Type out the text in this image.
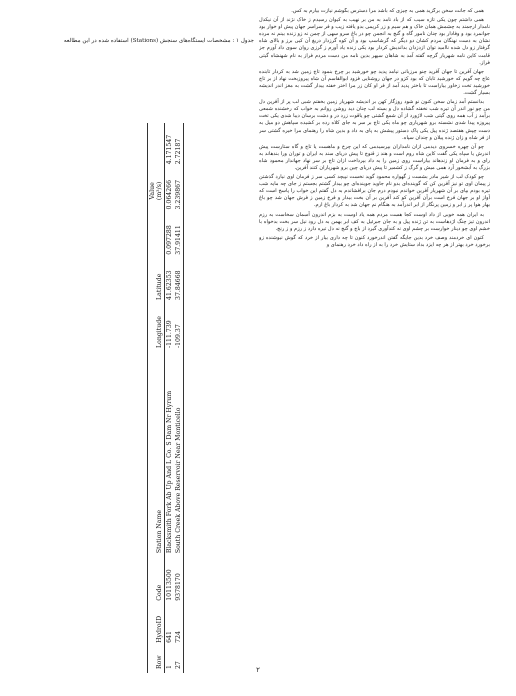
همی که جانت سخن برگزید همی به چیزی که باشد مرا دسترس بگوشم نیازت بیارم به کس.

همی داشتم چون یکی تازه سیب که از باد نامد به من بر نهیب به کیوان رسیدم ز خاک نژند از آن نیکدل نامدار ارجمند به چشمش همان خاک و هم سیم و زر کریمی بدو یافته زیب و فر سراسر جهان پیش او خوار بود جوانمرد بود و وفادار بود چنان نامور گاه و گنج به انجمن چو در باغ سرو سهی از چمن نه زو زنده بینم نه مرده نشان به دست نهنگان مردم کشان دو دیگر که گرشاسپ بود و آن کوه گرزدار دریغ آن کیی برز و بالای شاه گرفتار زو دل شده ناامید توان ازدزدان بداندیش کردار بود یکی زنده یاد آورم ز گرزی روان سوی داد آورم جز قامت کاین نامه شهریار گرچه گفته آمد به شاهان سپهر بدین نامه من دست مردم فراز به نام شهنشاه گیتی فراز.

جهان آفرین تا جهان آفرید چنو مرزبانی نیامد پدید چو خورشید بر چرخ بنمود تاج زمین شد به کردار تابنده عاج چه گویم که خورشید تابان که بود کزو در جهان روشنایی فزود ابوالقاسم آن شاه پیروزبخت نهاد از بر تاج خورشید تخت زخاور بیاراست تا باختر پدید آمد از فر او کان زر مرا اختر خفته بیدار گشت به مغز اندر اندیشه بسیار گشت.

بدانستم آمد زمان سخن کنون نو شود روزگار کهن بر اندیشه شهریار زمین بخفتم شبی لب پر از آفرین دل من چو نور اندر آن تیره شب نخفته گشاده دل و بسته لب چنان دید روشن روانم به خواب که رخشنده شمعی برآمد ز آب همه روی گیتی شب لاژورد از آن شمع گشتی چو یاقوت زرد در و دشت برسان دیبا شدی یکی تخت پیروزه پیدا شدی نشسته برو شهریاری چو ماه یکی تاج بر سر به جای کلاه رده بر کشیده سپاهش دو میل به دست چپش هفتصد ژنده پیل یکی پاک دستور پیشش به پای به داد و بدین شاه را رهنمای مرا خیره گشتی سر از فر شاه و زان ژنده پیلان و چندان سپاه.

چو آن چهره خسروی دیدمی ازان نامداران بپرسیدمی که این چرخ و ماهست یا تاج و گاه ستارست پیش اندرش یا سپاه یکی گفت کاین شاه روم است و هند ز قنوج تا پیش دریای سند به ایران و توران ورا بندهاند به رای و به فرمان او زندهاند بیاراست روی زمین را به داد بپرداخت ازان تاج بر سر نهاد جهاندار محمود شاه بزرگ به آبشخور آرد همی میش و گرگ ز کشمیر تا پیش دریای چین برو شهریاران کنند آفرین.

چو کودک لب از شیر مادر بشست ز گهواره محمود گوید نخست نپیچد کسی سر ز فرمان اوی نیارد گذشتن ز پیمان اوی تو نیز آفرین کن که گوینده‌ای بدو نام جاوید جوینده‌ای چو بیدار گشتم بجستم ز جای چه مایه شب تیره بودم بپای بر آن شهریار آفرین خواندم نبودم درم جان برافشاندم به دل گفتم این خواب را پاسخ است که آواز او بر جهان فرخ است برآن آفرین کو کند آفرین بر آن بخت بیدار و فرخ زمین ز فرش جهان شد چو باغ بهار هوا پر ز ابر و زمین پرنگار از ابر اندرآمد به هنگام نم جهان شد به کردار باغ ارم.

به ایران همه خوبی از داد اوست کجا هست مردم همه یاد اوست به بزم اندرون آسمان سخاست به رزم اندرون تیز چنگ اژدهاست به تن ژنده پیل و به جان جبرئیل به کف ابر بهمن به دل رود نیل سر بخت بدخواه با خشم اوی چو دینار خوارست بر چشم اوی نه کندآوری گیرد از باج و گنج نه دل تیره دارد ز رزم و ز رنج.

کنون ای خردمند وصف خرد بدین جایگه گفتن اندرخورد کنون تا چه داری بیار از خرد که گوش نیوشنده زو برخورد خرد بهتر از هر چه ایزد بداد ستایش خرد را به از راه داد خرد رهنمای و

جدول ۱ : مشخصات ایستگاه‌های سنجش (Stations) استفاده شده در این مطالعه

Row	HydroID	Code	Station Name	Longitude	Latitude	Value (m³/s)		

1	641	10113500	Blacksmith Fork Ab Up And L Co. S Dam Nr Hyrum	-111.739	41.62353	0.097288	0.064266	4.171547
27	724	9378170	South Creek Above Reservoir Near Monticello	-109.37	37.84668	37.91411	3.239867	2.72187
۲
